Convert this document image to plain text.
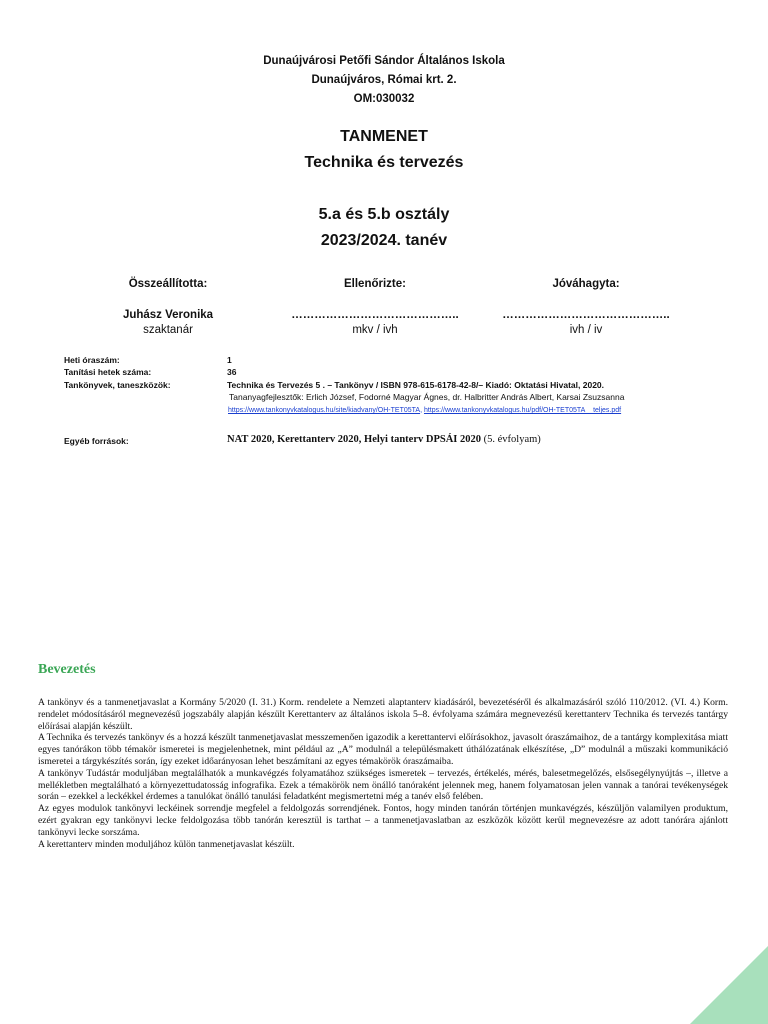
Dunaújvárosi Petőfi Sándor Általános Iskola
Dunaújváros, Római krt. 2.
OM:030032
TANMENET
Technika és tervezés
5.a és 5.b osztály
2023/2024. tanév
Összeállította:
Juhász Veronika
szaktanár
Ellenőrizte:
……………………………………..
mkv / ivh
Jóváhagyta:
……………………………………..
ivh / iv
Heti óraszám:	1
Tanítási hetek száma:	36
Tankönyvek, taneszközök:	Technika és Tervezés 5 . – Tankönyv / ISBN 978-615-6178-42-8/– Kiadó: Oktatási Hivatal, 2020.
Tananyagfejlesztők: Erlich József, Fodorné Magyar Ágnes, dr. Halbritter András Albert, Karsai Zsuzsanna
https://www.tankonyvkatalogus.hu/site/kiadvany/OH-TET05TA, https://www.tankonyvkatalogus.hu/pdf/OH-TET05TA__teljes.pdf
Egyéb források:	NAT 2020, Kerettanterv 2020, Helyi tanterv DPSÁI 2020 (5. évfolyam)
Bevezetés

A tankönyv és a tanmenetjavaslat a Kormány 5/2020 (I. 31.) Korm. rendelete a Nemzeti alaptanterv kiadásáról, bevezetéséről és alkalmazásáról szóló 110/2012. (VI. 4.) Korm. rendelet módosításáról megnevezésű jogszabály alapján készült Kerettanterv az általános iskola 5–8. évfolyama számára megnevezésű kerettanterv Technika és tervezés tantárgy előírásai alapján készült.

A Technika és tervezés tankönyv és a hozzá készült tanmenetjavaslat messzemenően igazodik a kerettantervi előírásokhoz, javasolt óraszámaihoz, de a tantárgy komplexitása miatt egyes tanórákon több témakör ismeretei is megjelenhetnek, mint például az „A” modulnál a településmakett úthálózatának elkészítése, „D” modulnál a műszaki kommunikáció ismeretei a tárgykészítés során, így ezeket időarányosan lehet beszámítani az egyes témakörök óraszámaiba.

A tankönyv Tudástár moduljában megtalálhatók a munkavégzés folyamatához szükséges ismeretek – tervezés, értékelés, mérés, balesetmegelőzés, elsősegélynyújtás –, illetve a mellékletben megtalálható a környezettudatosság infografika. Ezek a témakörök nem önálló tanóraként jelennek meg, hanem folyamatosan jelen vannak a tanórai tevékenységek során – ezekkel a leckékkel érdemes a tanulókat önálló tanulási feladatként megismertetni még a tanév első felében.

Az egyes modulok tankönyvi leckéinek sorrendje megfelel a feldolgozás sorrendjének. Fontos, hogy minden tanórán történjen munkavégzés, készüljön valamilyen produktum, ezért gyakran egy tankönyvi lecke feldolgozása több tanórán keresztül is tarthat – a tanmenetjavaslatban az eszközök között kerül megnevezésre az adott tanórára ajánlott tankönyvi lecke sorszáma.

A kerettanterv minden moduljához külön tanmenetjavaslat készült.
